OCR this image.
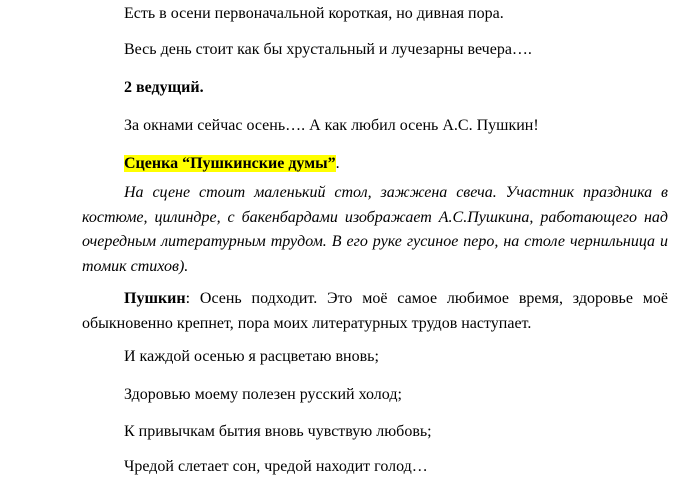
Есть в осени первоначальной короткая, но дивная пора.

Весь день стоит как бы хрустальный и лучезарны вечера….

2 ведущий.

За окнами сейчас осень…. А как любил осень А.С. Пушкин!

Сценка “Пушкинские думы”.

На сцене стоит маленький стол, зажжена свеча. Участник праздника в костюме, цилиндре, с бакенбардами изображает А.С.Пушкина, работающего над очередным литературным трудом. В его руке гусиное перо, на столе чернильница и томик стихов).

Пушкин: Осень подходит. Это моё самое любимое время, здоровье моё обыкновенно крепнет, пора моих литературных трудов наступает.

И каждой осенью я расцветаю вновь;

Здоровью моему полезен русский холод;

К привычкам бытия вновь чувствую любовь;

Чредой слетает сон, чредой находит голод…
